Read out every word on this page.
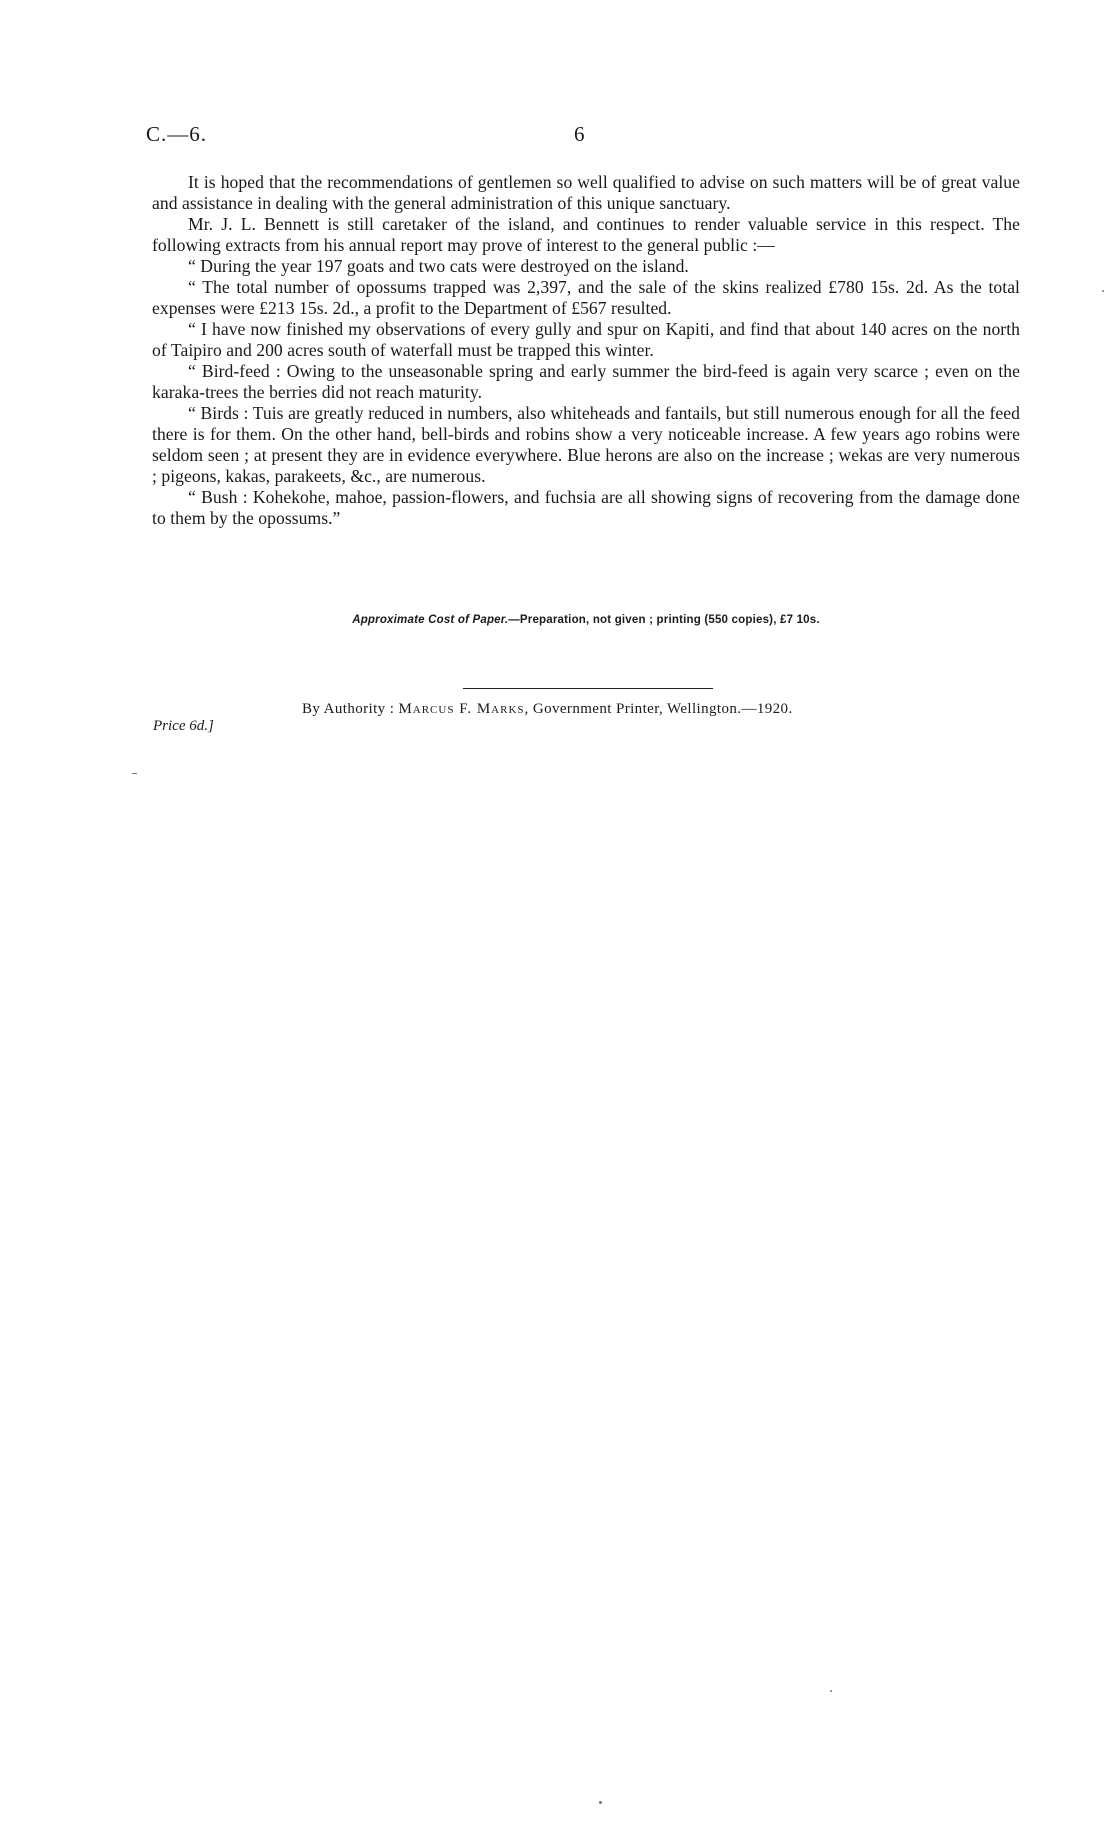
C.—6.	6

It is hoped that the recommendations of gentlemen so well qualified to advise on such matters will be of great value and assistance in dealing with the general administration of this unique sanctuary.

Mr. J. L. Bennett is still caretaker of the island, and continues to render valuable service in this respect. The following extracts from his annual report may prove of interest to the general public :—

“ During the year 197 goats and two cats were destroyed on the island.

“ The total number of opossums trapped was 2,397, and the sale of the skins realized £780 15s. 2d. As the total expenses were £213 15s. 2d., a profit to the Department of £567 resulted.

“ I have now finished my observations of every gully and spur on Kapiti, and find that about 140 acres on the north of Taipiro and 200 acres south of waterfall must be trapped this winter.

“ Bird-feed : Owing to the unseasonable spring and early summer the bird-feed is again very scarce ; even on the karaka-trees the berries did not reach maturity.

“ Birds : Tuis are greatly reduced in numbers, also whiteheads and fantails, but still numerous enough for all the feed there is for them. On the other hand, bell-birds and robins show a very noticeable increase. A few years ago robins were seldom seen ; at present they are in evidence everywhere. Blue herons are also on the increase ; wekas are very numerous ; pigeons, kakas, parakeets, &c., are numerous.

“ Bush : Kohekohe, mahoe, passion-flowers, and fuchsia are all showing signs of recovering from the damage done to them by the opossums.”

Approximate Cost of Paper.—Preparation, not given ; printing (550 copies), £7 10s.
By Authority : Marcus F. Marks, Government Printer, Wellington.—1920.
Price 6d.]
